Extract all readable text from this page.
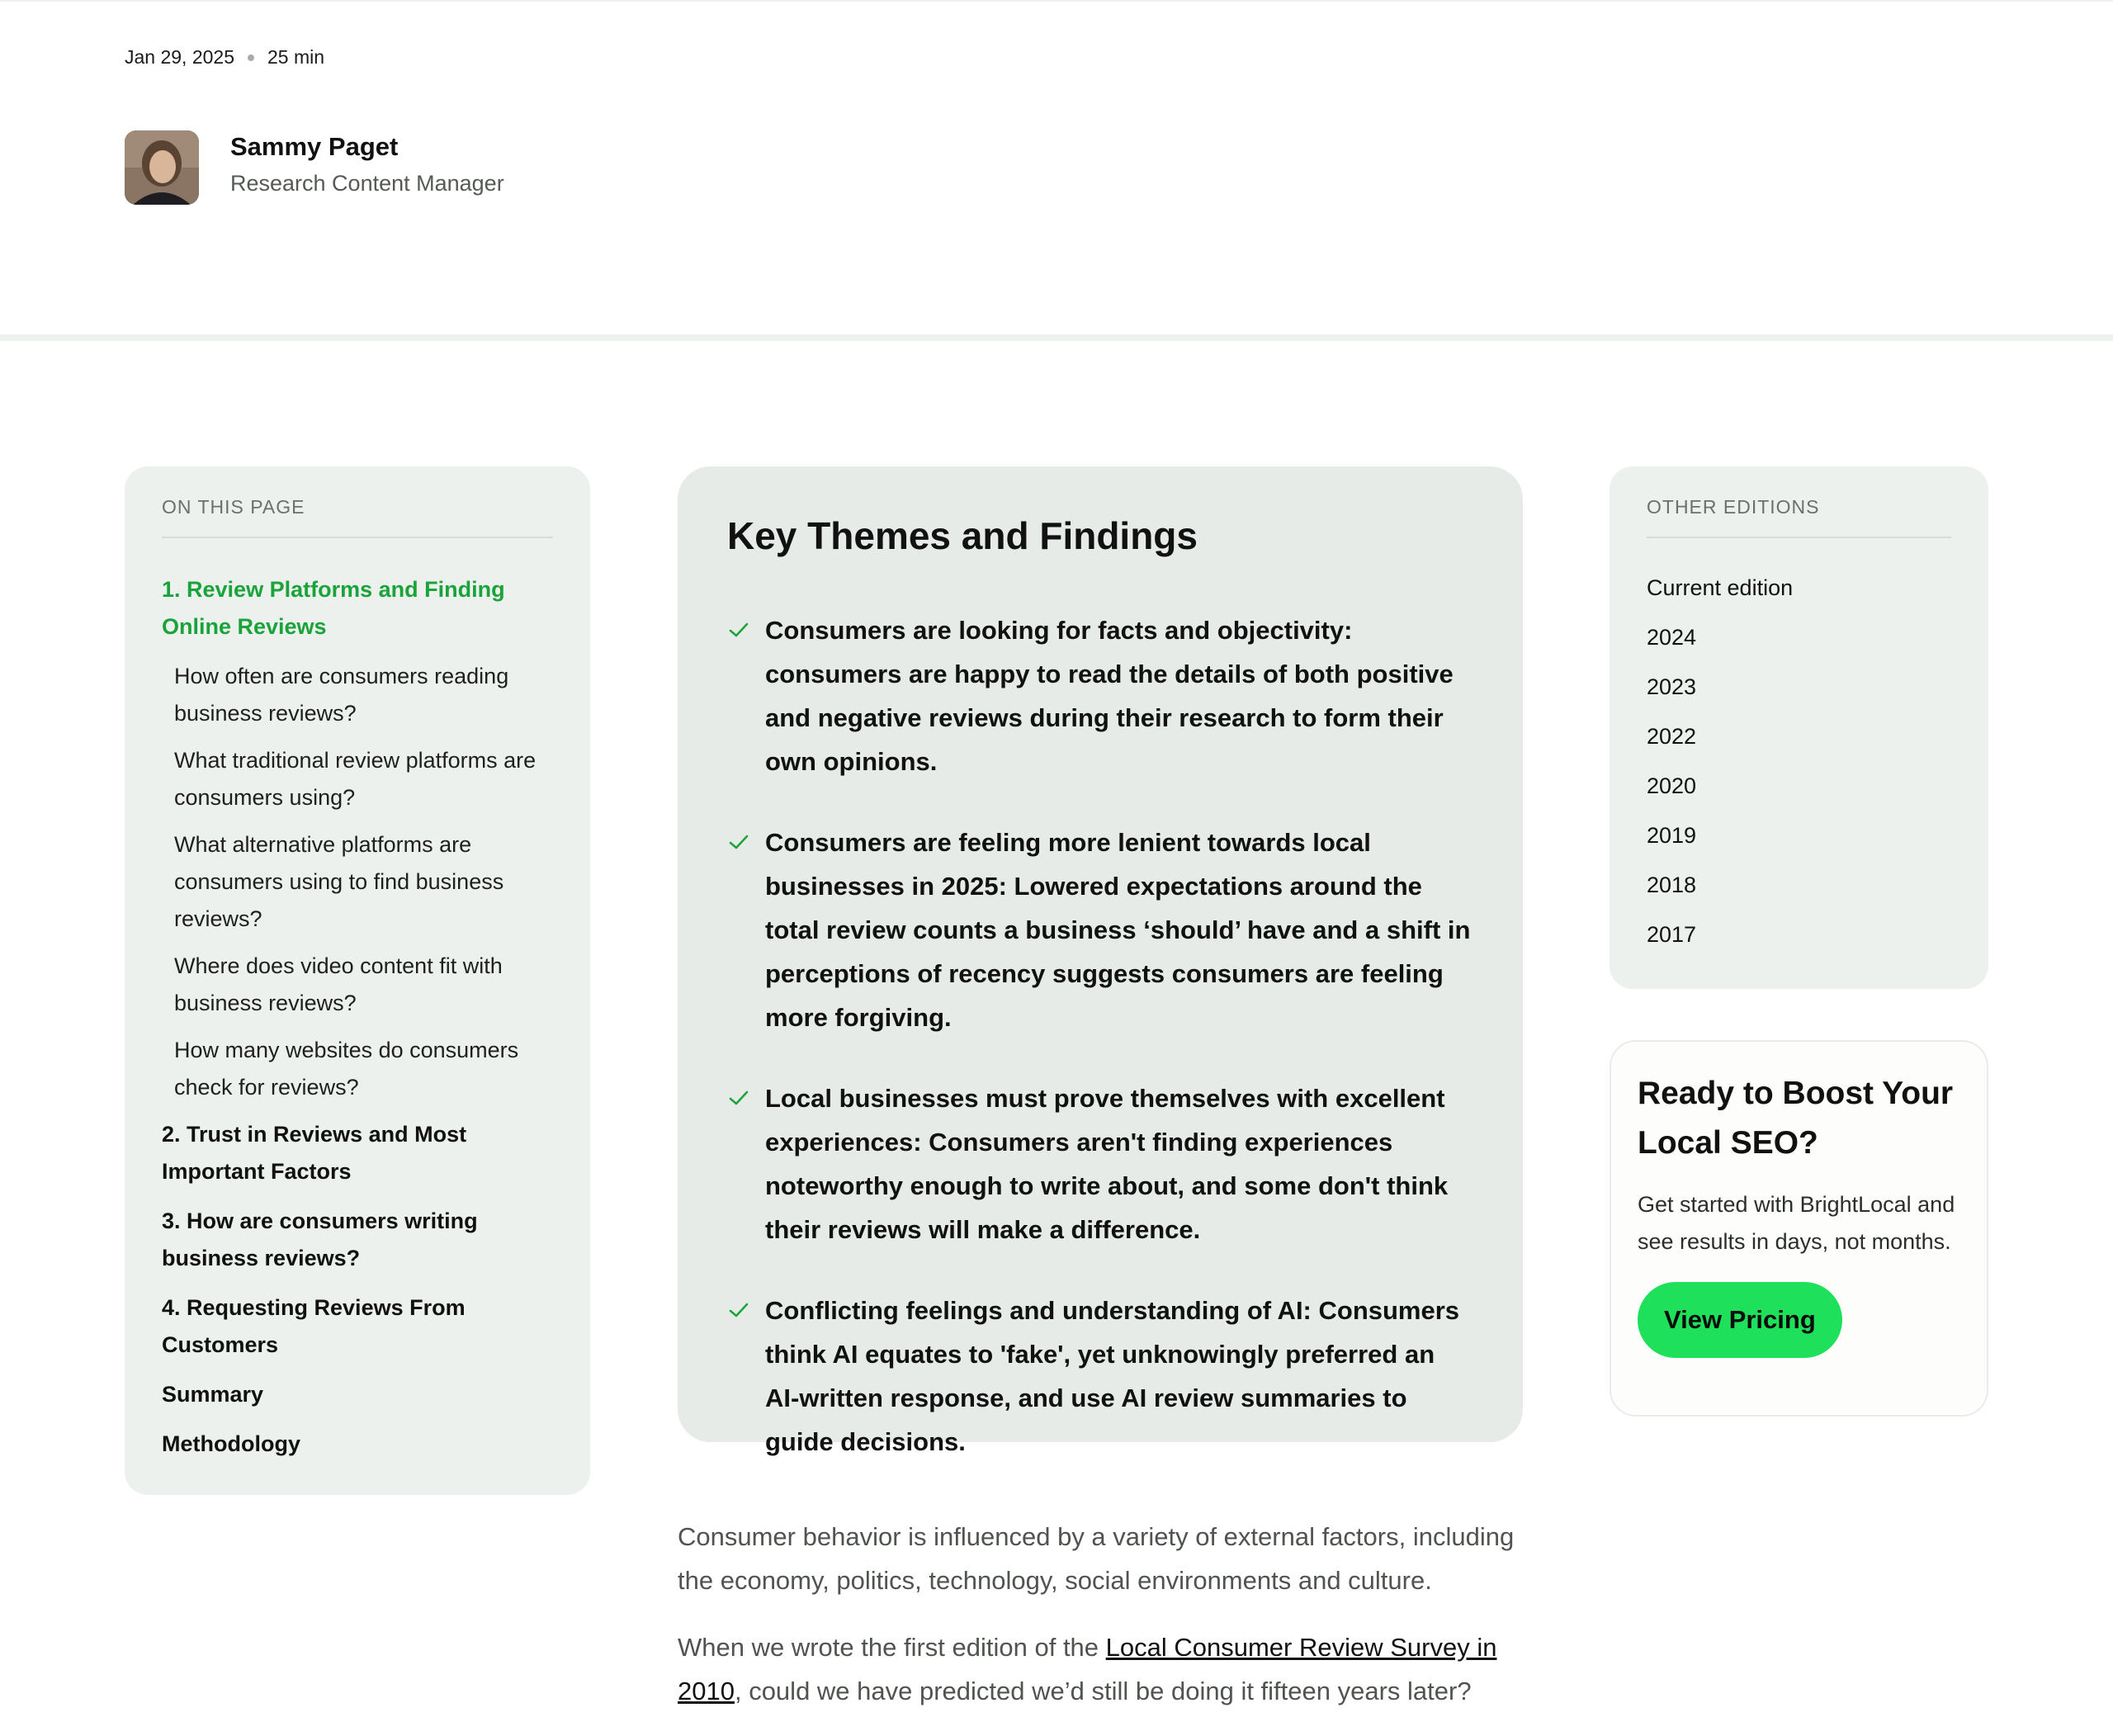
Jan 29, 2025 25 min
Sammy Paget
Research Content Manager
ON THIS PAGE
1. Review Platforms and Finding Online Reviews
How often are consumers reading business reviews?
What traditional review platforms are consumers using?
What alternative platforms are consumers using to find business reviews?
Where does video content fit with business reviews?
How many websites do consumers check for reviews?
2. Trust in Reviews and Most Important Factors
3. How are consumers writing business reviews?
4. Requesting Reviews From Customers
Summary
Methodology
Key Themes and Findings
Consumers are looking for facts and objectivity: consumers are happy to read the details of both positive and negative reviews during their research to form their own opinions.
Consumers are feeling more lenient towards local businesses in 2025: Lowered expectations around the total review counts a business ‘should’ have and a shift in perceptions of recency suggests consumers are feeling more forgiving.
Local businesses must prove themselves with excellent experiences: Consumers aren't finding experiences noteworthy enough to write about, and some don't think their reviews will make a difference.
Conflicting feelings and understanding of AI: Consumers think AI equates to 'fake', yet unknowingly preferred an AI-written response, and use AI review summaries to guide decisions.

Consumer behavior is influenced by a variety of external factors, including the economy, politics, technology, social environments and culture.

When we wrote the first edition of the Local Consumer Review Survey in 2010, could we have predicted we’d still be doing it fifteen years later?

OTHER EDITIONS
Current edition
2024
2023
2022
2020
2019
2018
2017
Ready to Boost Your Local SEO?

Get started with BrightLocal and see results in days, not months.

View Pricing
